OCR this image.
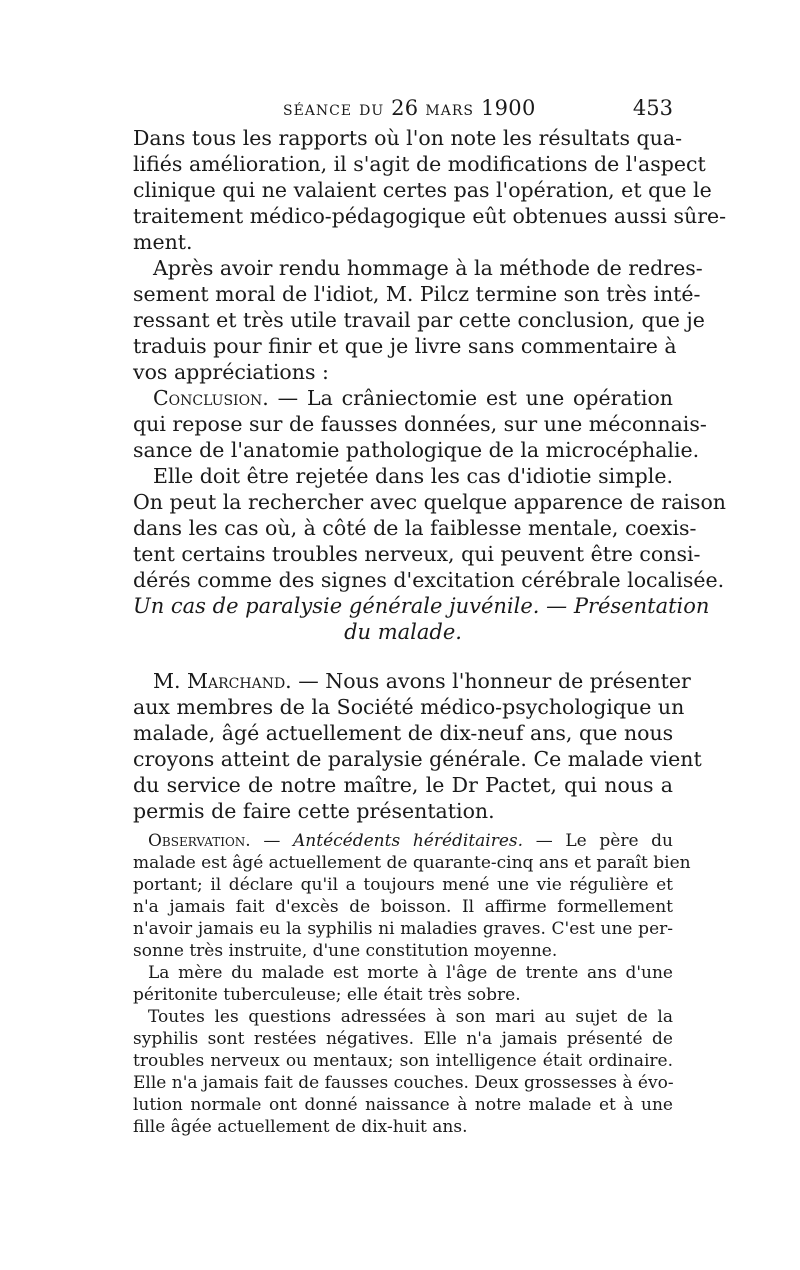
SÉANCE DU 26 MARS 1900	453
Dans tous les rapports où l'on note les résultats qua-
lifiés amélioration, il s'agit de modifications de l'aspect
clinique qui ne valaient certes pas l'opération, et que le
traitement médico-pédagogique eût obtenues aussi sûre-
ment.
Après avoir rendu hommage à la méthode de redres-
sement moral de l'idiot, M. Pilcz termine son très inté-
ressant et très utile travail par cette conclusion, que je
traduis pour finir et que je livre sans commentaire à
vos appréciations :
Conclusion. — La crâniectomie est une opération
qui repose sur de fausses données, sur une méconnais-
sance de l'anatomie pathologique de la microcéphalie.
Elle doit être rejetée dans les cas d'idiotie simple.
On peut la rechercher avec quelque apparence de raison
dans les cas où, à côté de la faiblesse mentale, coexis-
tent certains troubles nerveux, qui peuvent être consi-
dérés comme des signes d'excitation cérébrale localisée.
Un cas de paralysie générale juvénile. — Présentation
du malade.
M. Marchand. — Nous avons l'honneur de présenter
aux membres de la Société médico-psychologique un
malade, âgé actuellement de dix-neuf ans, que nous
croyons atteint de paralysie générale. Ce malade vient
du service de notre maître, le Dr Pactet, qui nous a
permis de faire cette présentation.
Observation. — Antécédents héréditaires. — Le père du
malade est âgé actuellement de quarante-cinq ans et paraît bien
portant; il déclare qu'il a toujours mené une vie régulière et
n'a jamais fait d'excès de boisson. Il affirme formellement
n'avoir jamais eu la syphilis ni maladies graves. C'est une per-
sonne très instruite, d'une constitution moyenne.
La mère du malade est morte à l'âge de trente ans d'une
péritonite tuberculeuse; elle était très sobre.
Toutes les questions adressées à son mari au sujet de la
syphilis sont restées négatives. Elle n'a jamais présenté de
troubles nerveux ou mentaux; son intelligence était ordinaire.
Elle n'a jamais fait de fausses couches. Deux grossesses à évo-
lution normale ont donné naissance à notre malade et à une
fille âgée actuellement de dix-huit ans.
